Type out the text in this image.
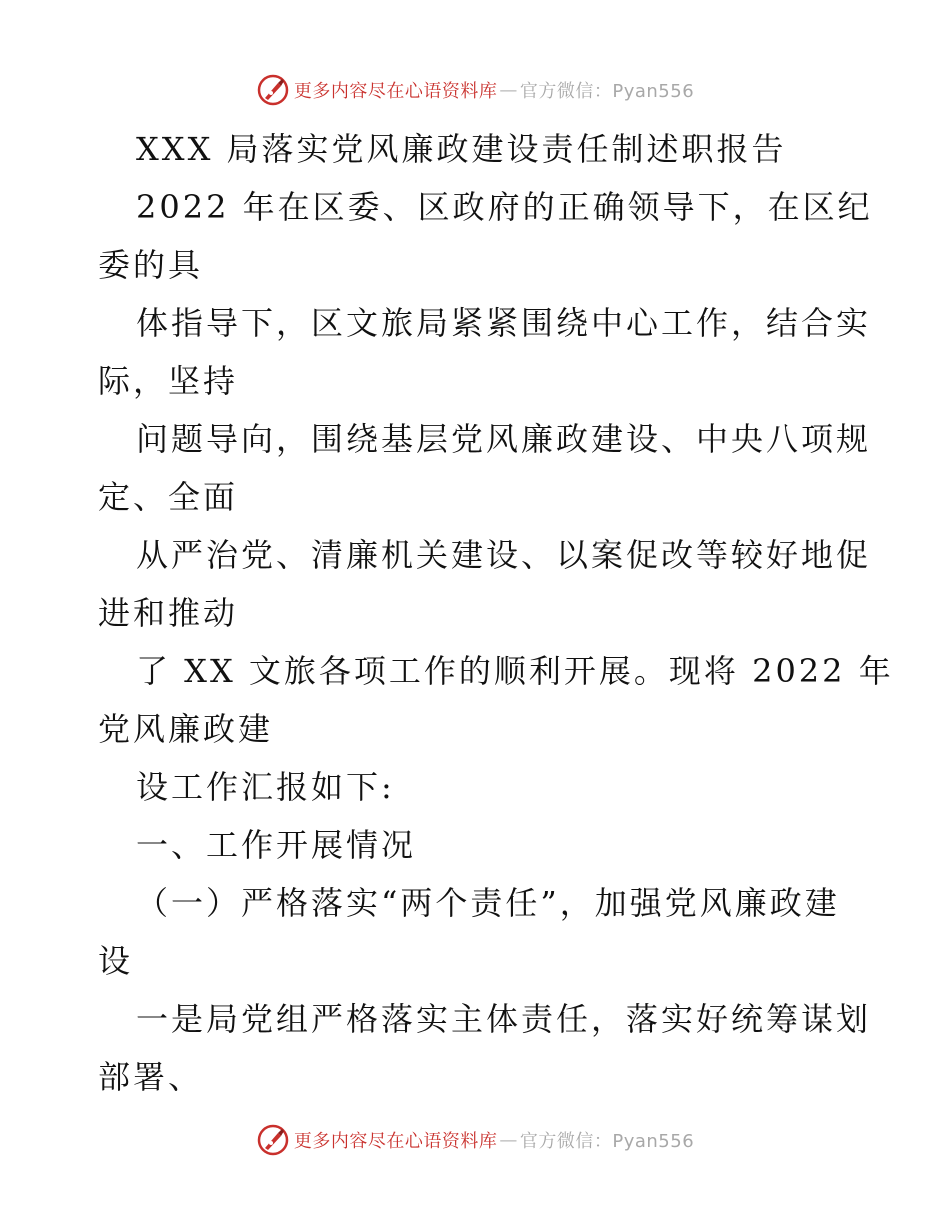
更多内容尽在心语资料库 — 官方微信：Pyan556
XXX 局落实党风廉政建设责任制述职报告
2022 年在区委、区政府的正确领导下，在区纪
委的具
体指导下，区文旅局紧紧围绕中心工作，结合实
际，坚持
问题导向，围绕基层党风廉政建设、中央八项规
定、全面
从严治党、清廉机关建设、以案促改等较好地促
进和推动
了 XX 文旅各项工作的顺利开展。现将 2022 年
党风廉政建
设工作汇报如下:
一、工作开展情况
（一）严格落实“两个责任”，加强党风廉政建
设
一是局党组严格落实主体责任，落实好统筹谋划
部署、
更多内容尽在心语资料库 — 官方微信：Pyan556
